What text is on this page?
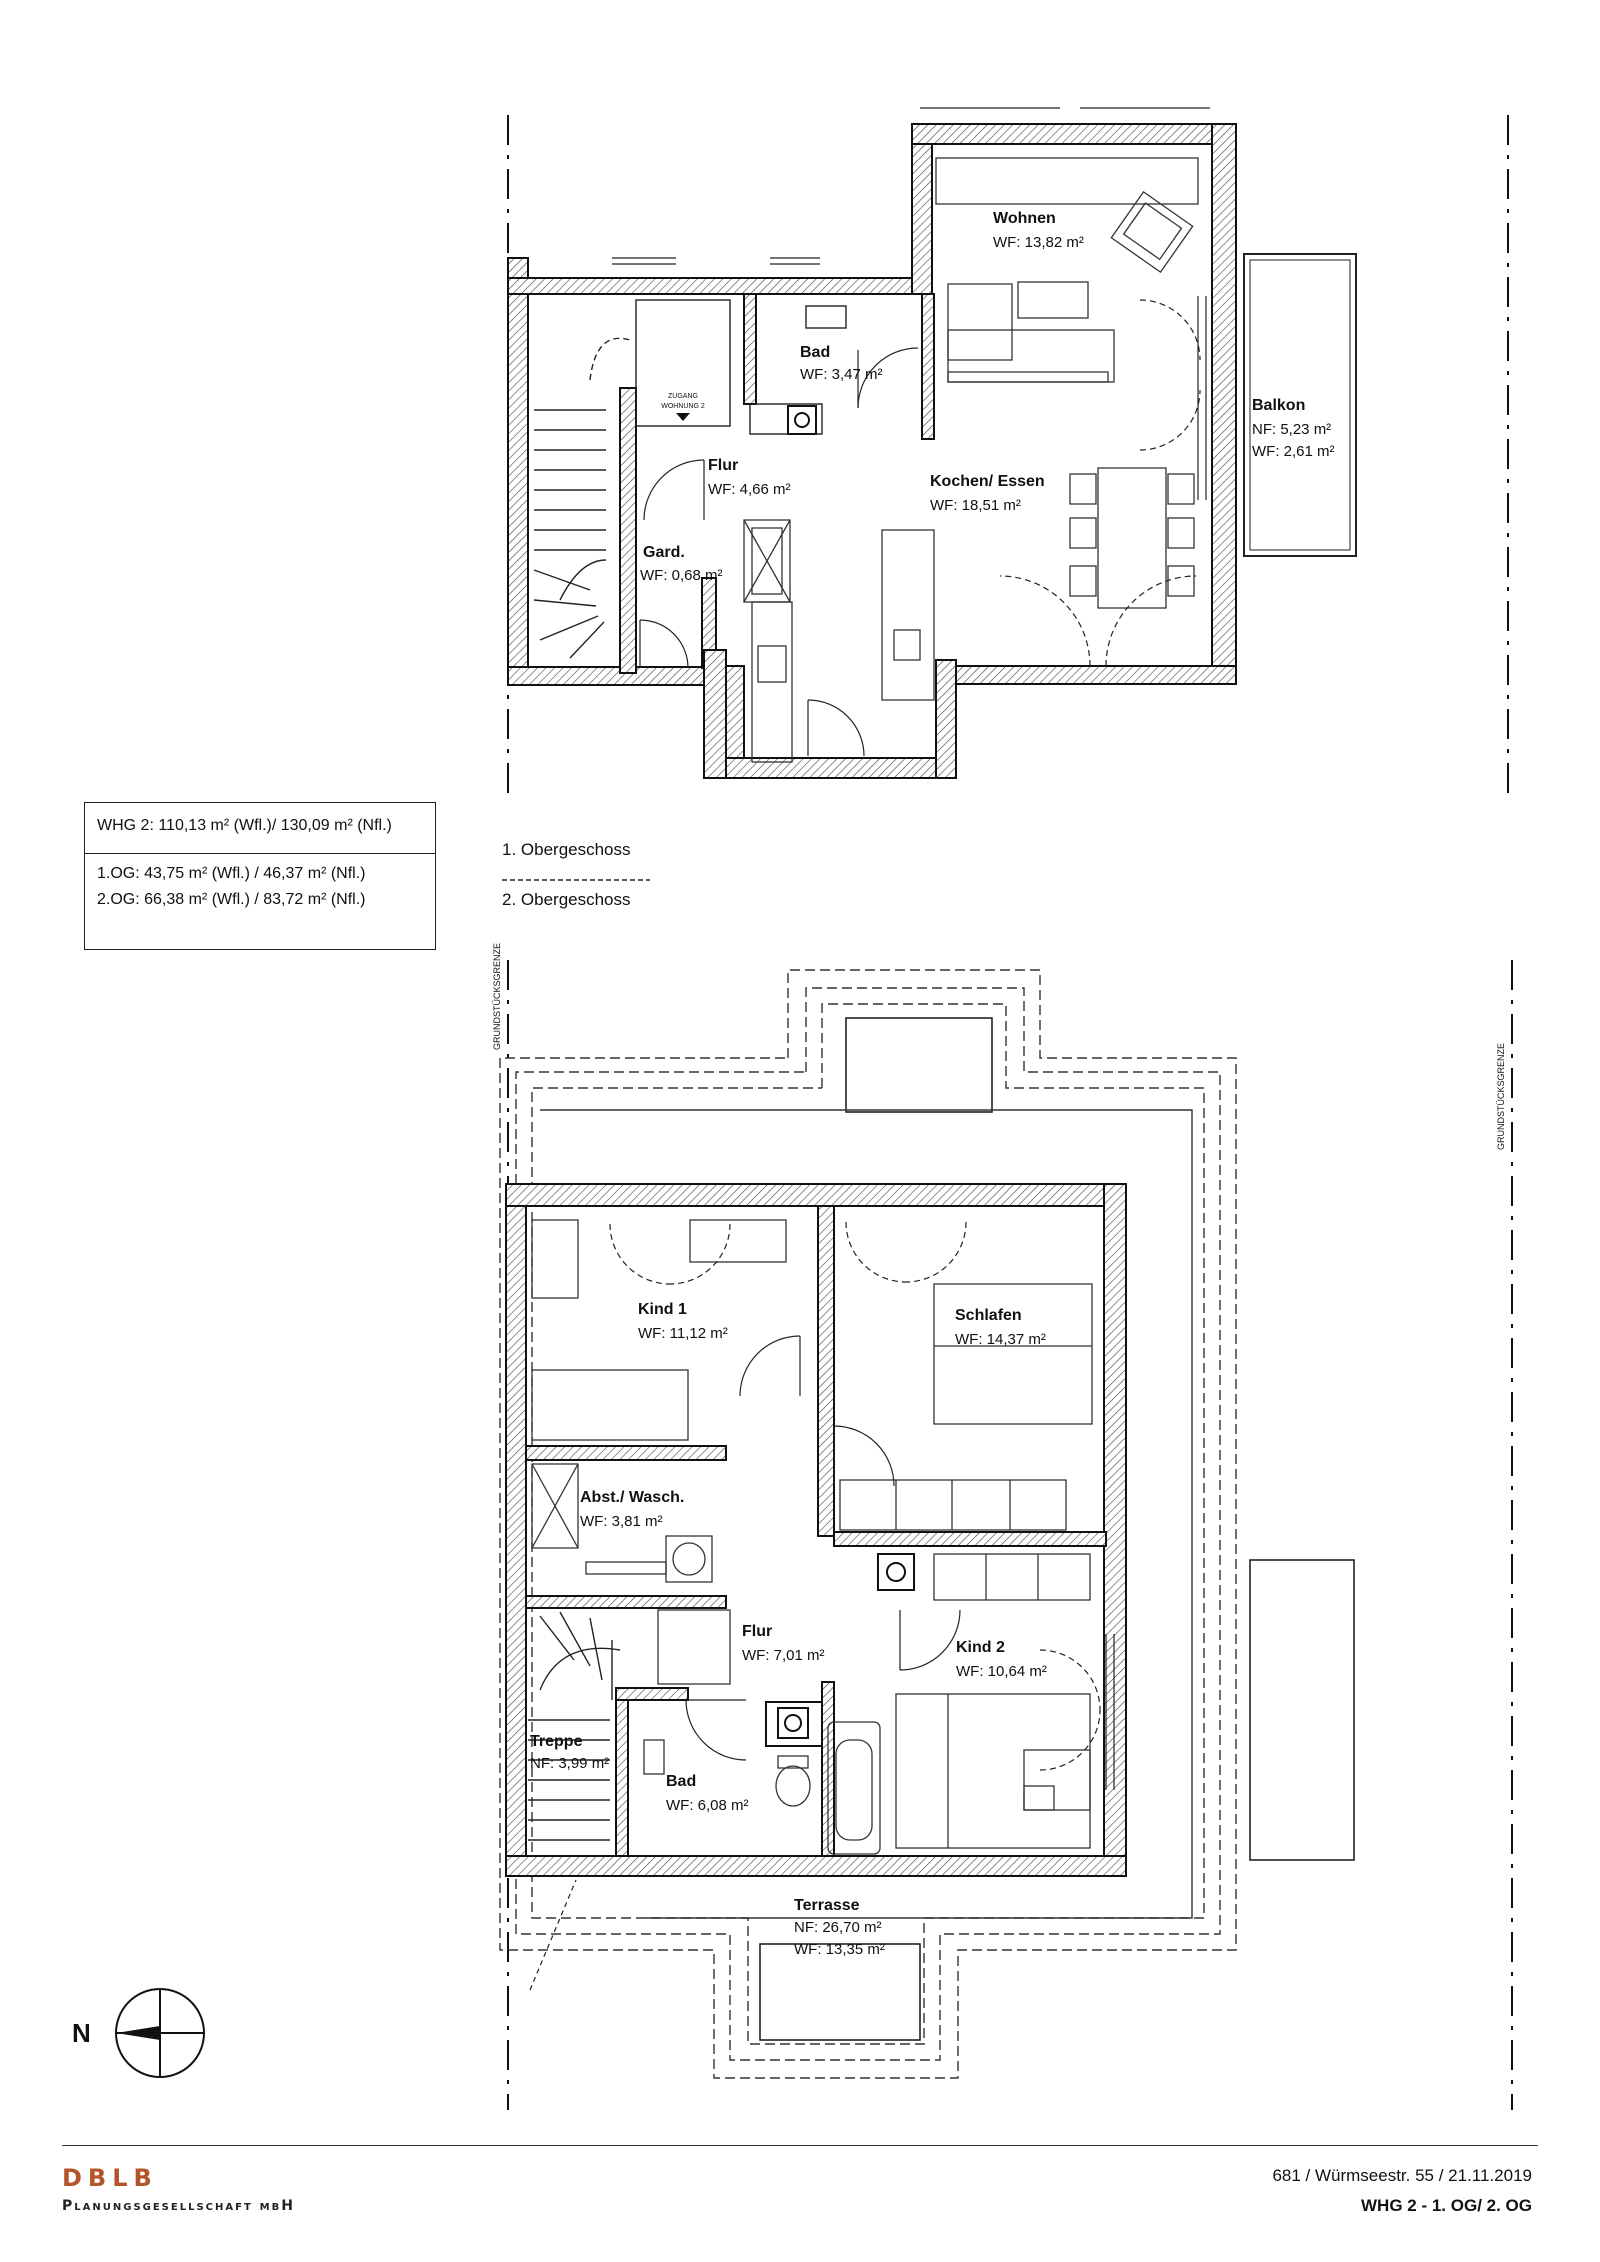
ZUGANG
WOHNUNG 2
Wohnen
WF: 13,82 m²
Bad
WF: 3,47 m²
Balkon
NF: 5,23 m²
WF: 2,61 m²
Flur
WF: 4,66 m²	Kochen/ Essen
WF: 18,51 m²
Gard.
WF: 0,68 m²
GRUNDSTÜCKSGRENZE
GRUNDSTÜCKSGRENZE
Kind 1
WF: 11,12 m²
Schlafen
WF: 14,37 m²
Abst./ Wasch.
WF: 3,81 m²
Flur
WF: 7,01 m²	Kind 2
WF: 10,64 m²
Treppe
NF: 3,99 m²
Bad
WF: 6,08 m²
Terrasse
NF: 26,70 m²
WF: 13,35 m²
N
WHG 2: 110,13 m² (Wfl.)/ 130,09 m² (Nfl.)
1.OG: 43,75 m² (Wfl.) / 46,37 m² (Nfl.)
2.OG: 66,38 m² (Wfl.) / 83,72 m² (Nfl.)
1. Obergeschoss
2. Obergeschoss
DBLB
Planungsgesellschaft mbH
681 / Würmseestr. 55 / 21.11.2019
WHG 2 - 1. OG/ 2. OG
